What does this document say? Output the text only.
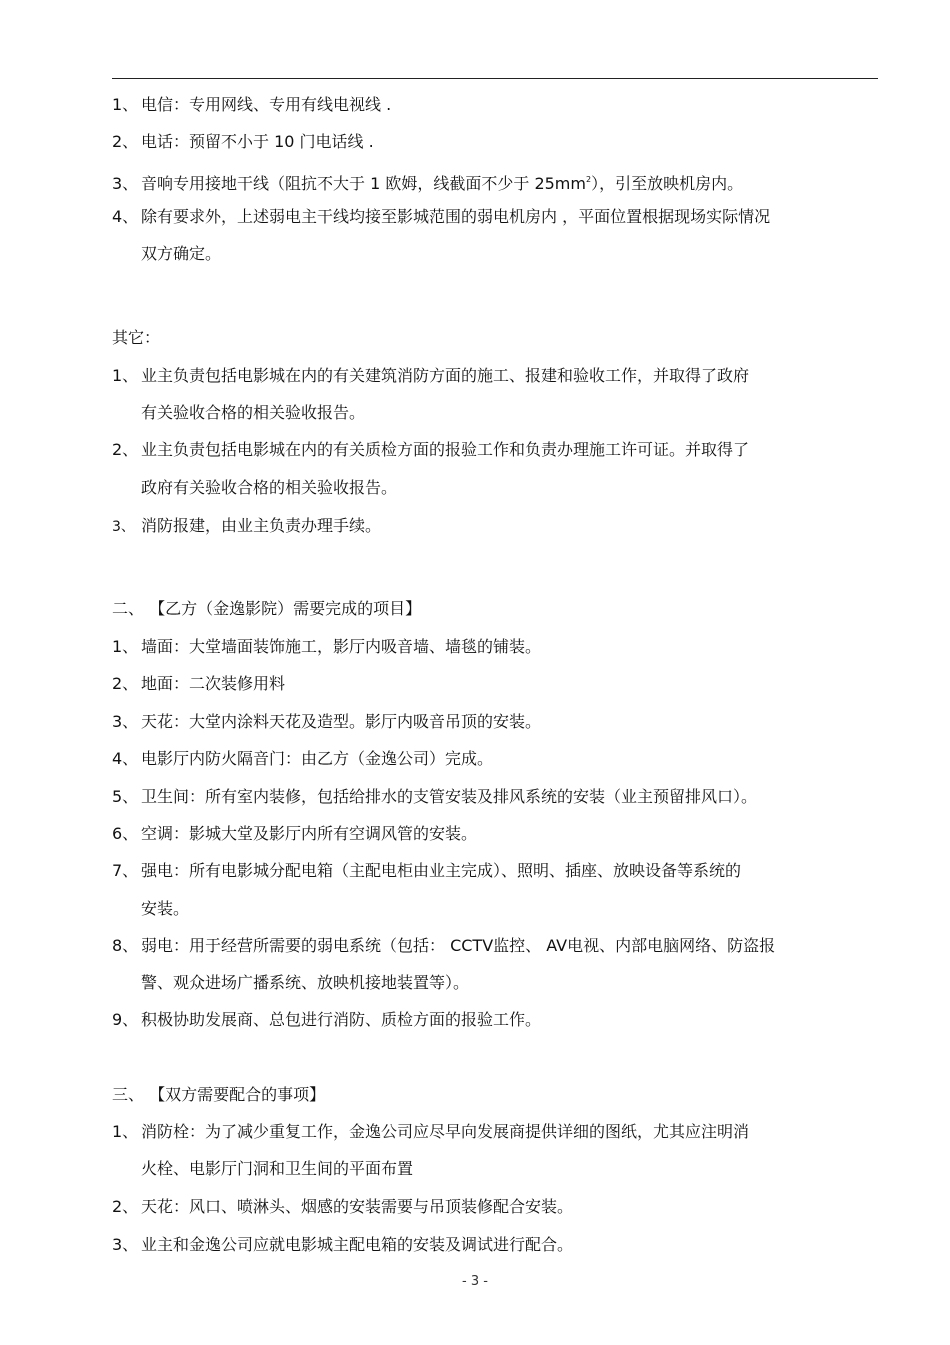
1、 电信：专用网线、专用有线电视线 .
2、 电话：预留不小于 10 门电话线 .
3、 音响专用接地干线（阻抗不大于 1 欧姆，线截面不少于 $25mm^2$），引至放映机房内。
4、 除有要求外，上述弱电主干线均接至影城范围的弱电机房内 ，平面位置根据现场实际情况
双方确定。
其它：
1、 业主负责包括电影城在内的有关建筑消防方面的施工、报建和验收工作，并取得了政府
有关验收合格的相关验收报告。
2、 业主负责包括电影城在内的有关质检方面的报验工作和负责办理施工许可证。并取得了
政府有关验收合格的相关验收报告。
3、 消防报建，由业主负责办理手续。
二、 【乙方（金逸影院）需要完成的项目】
1、 墙面：大堂墙面装饰施工，影厅内吸音墙、墙毯的铺装。
2、 地面：二次装修用料
3、 天花：大堂内涂料天花及造型。影厅内吸音吊顶的安装。
4、 电影厅内防火隔音门：由乙方（金逸公司）完成。
5、 卫生间：所有室内装修，包括给排水的支管安装及排风系统的安装（业主预留排风口）。
6、 空调：影城大堂及影厅内所有空调风管的安装。
7、 强电：所有电影城分配电箱（主配电柜由业主完成）、照明、插座、放映设备等系统的
安装。
8、 弱电：用于经营所需要的弱电系统（包括： CCTV监控、 AV电视、内部电脑网络、防盗报
警、观众进场广播系统、放映机接地装置等）。
9、 积极协助发展商、总包进行消防、质检方面的报验工作。
三、 【双方需要配合的事项】
1、 消防栓：为了减少重复工作，金逸公司应尽早向发展商提供详细的图纸，尤其应注明消
火栓、电影厅门洞和卫生间的平面布置
2、 天花：风口、喷淋头、烟感的安装需要与吊顶装修配合安装。
3、 业主和金逸公司应就电影城主配电箱的安装及调试进行配合。
- 3 -
